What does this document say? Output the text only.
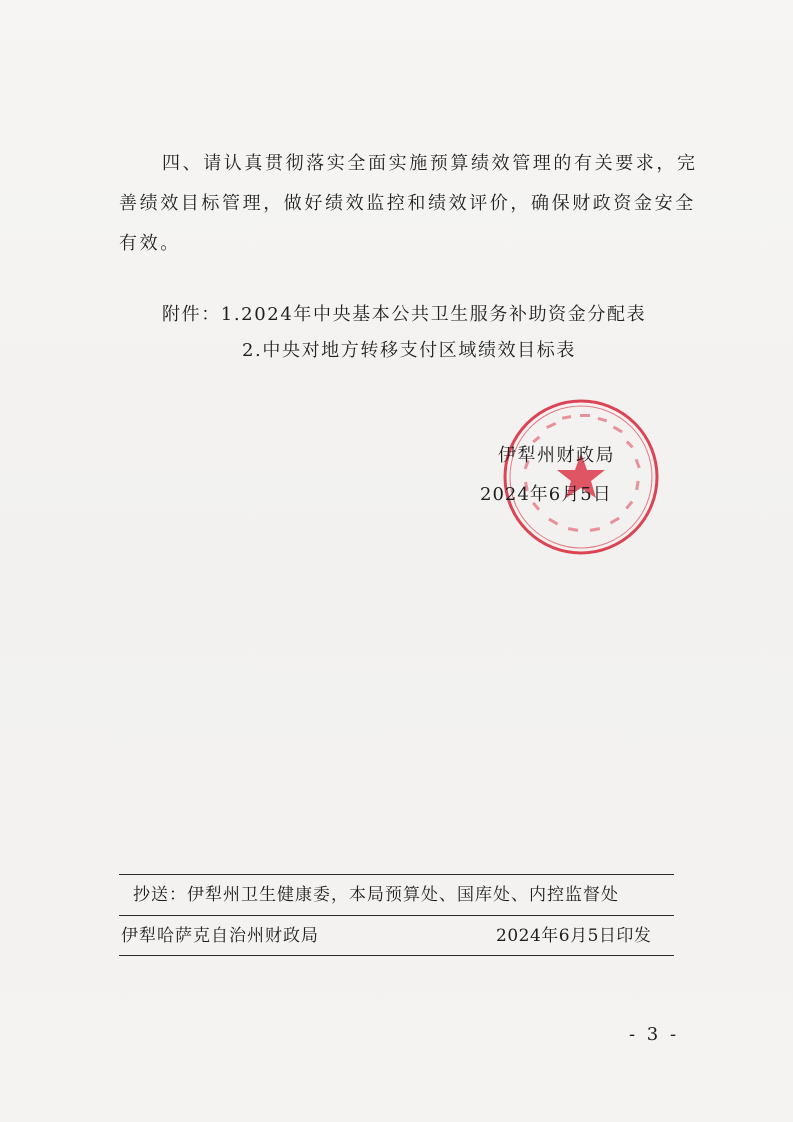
四、请认真贯彻落实全面实施预算绩效管理的有关要求，完
善绩效目标管理，做好绩效监控和绩效评价，确保财政资金安全
有效。
附件：1.2024年中央基本公共卫生服务补助资金分配表
2.中央对地方转移支付区域绩效目标表
伊犁州财政局
2024年6月5日
抄送：伊犁州卫生健康委，本局预算处、国库处、内控监督处
伊犁哈萨克自治州财政局	2024年6月5日印发
- 3 -
